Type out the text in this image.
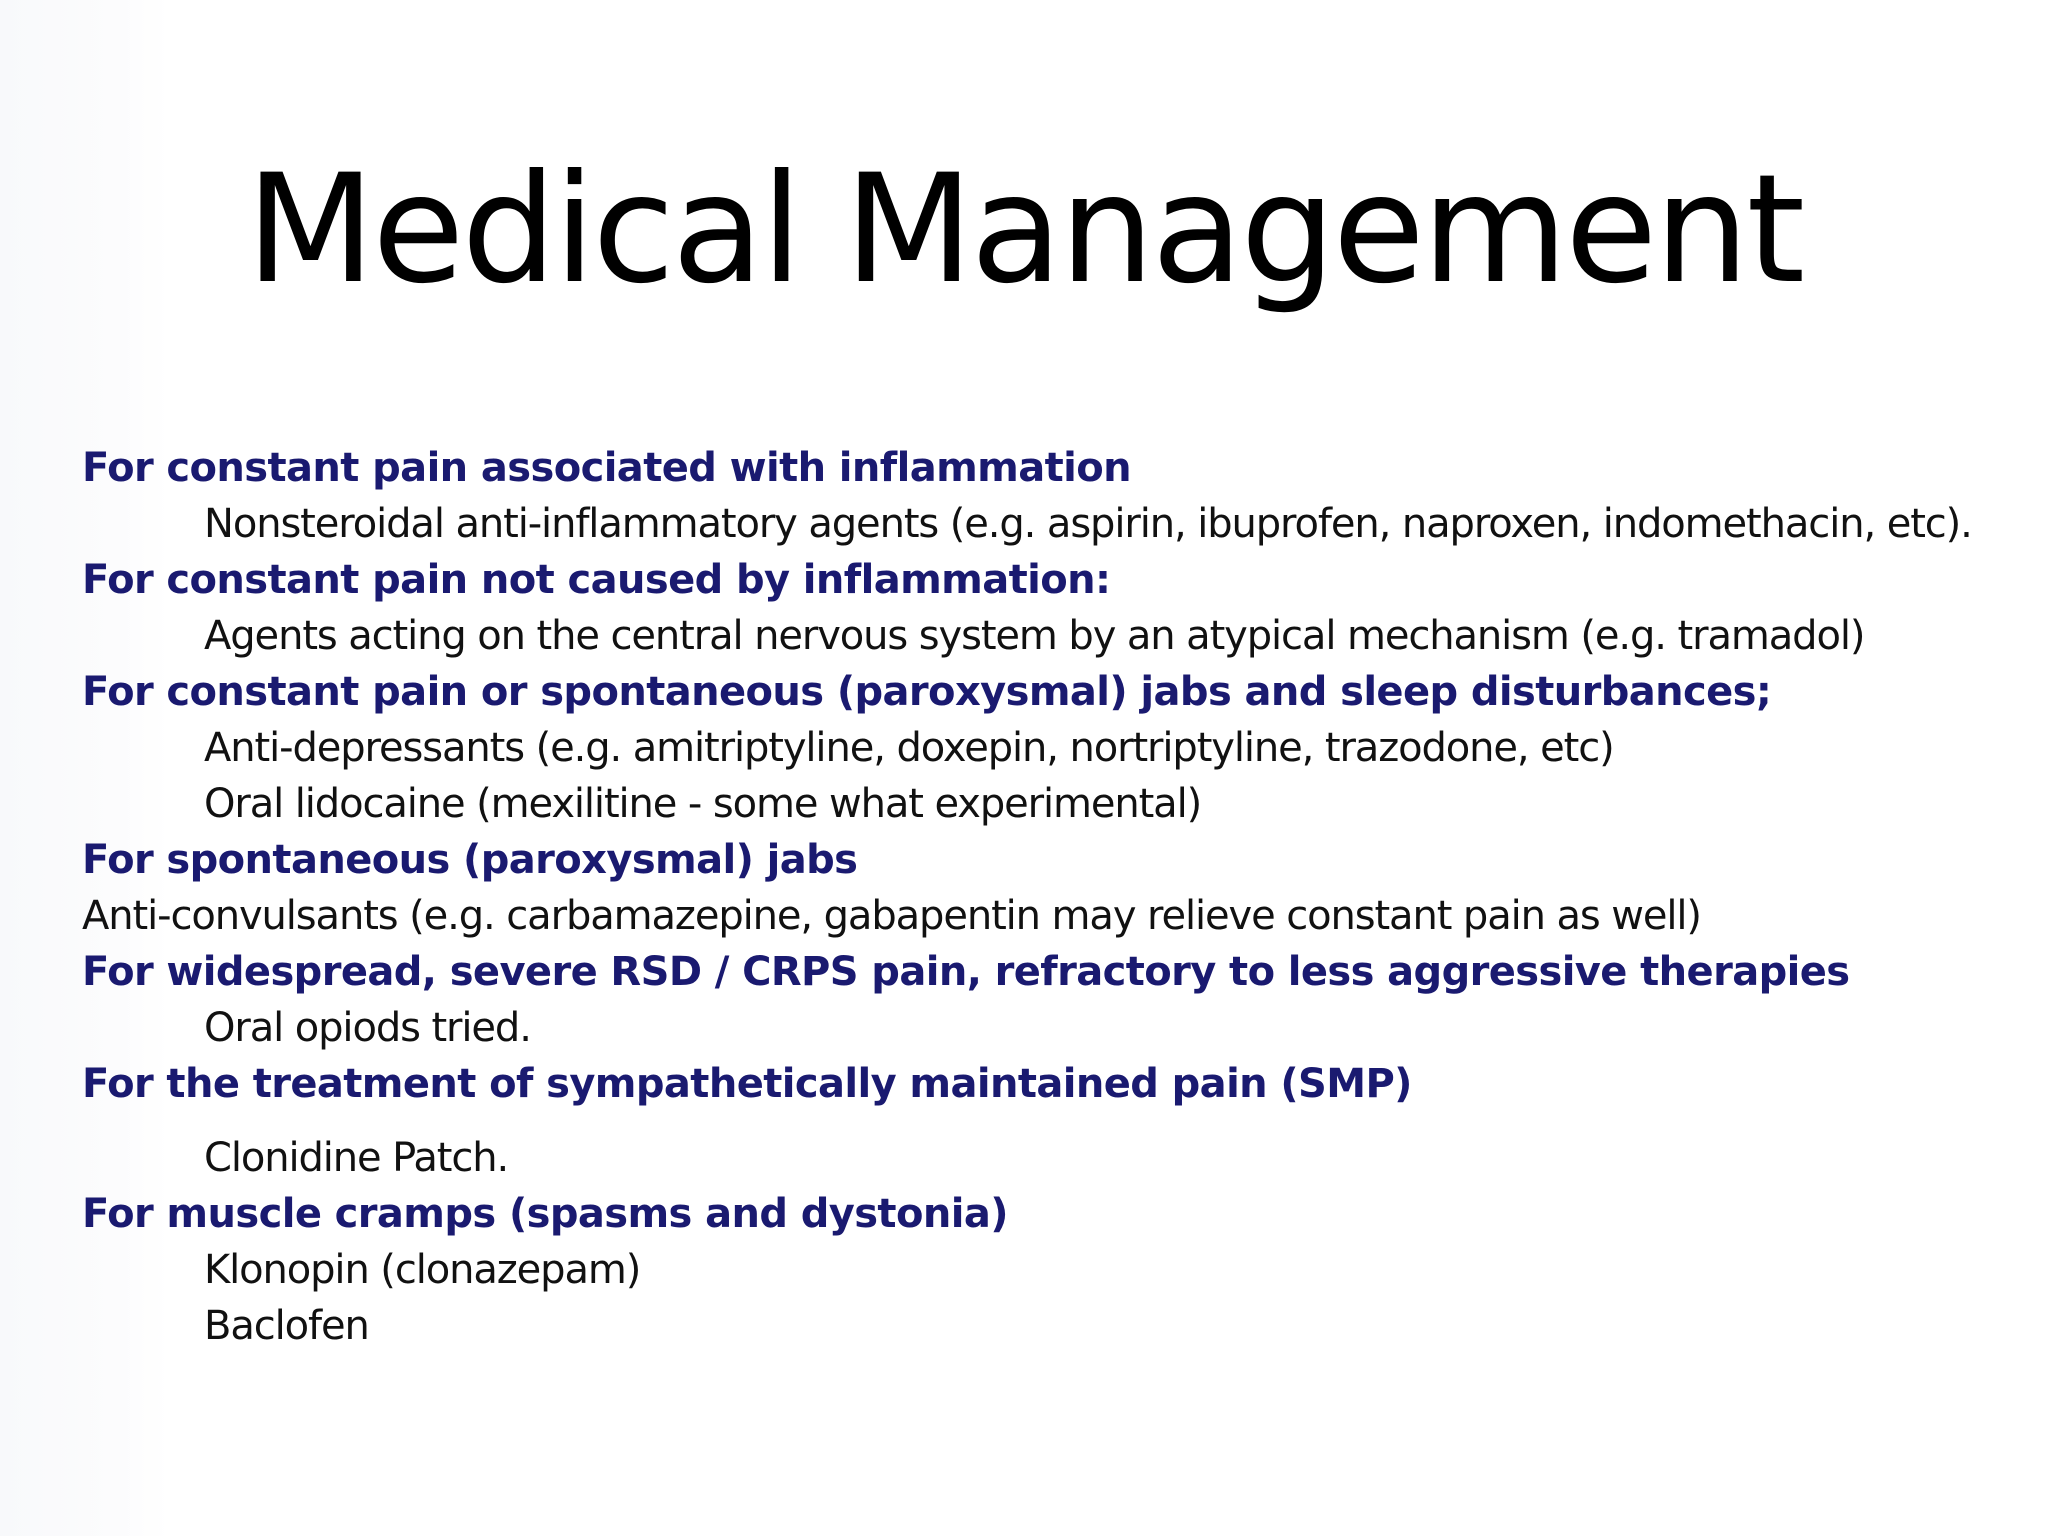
Medical Management
For constant pain associated with inflammation
Nonsteroidal anti-inflammatory agents (e.g. aspirin, ibuprofen, naproxen, indomethacin, etc).
For constant pain not caused by inflammation:
Agents acting on the central nervous system by an atypical mechanism (e.g. tramadol)
For constant pain or spontaneous (paroxysmal) jabs and sleep disturbances;
Anti-depressants (e.g. amitriptyline, doxepin, nortriptyline, trazodone, etc)
Oral lidocaine (mexilitine - some what experimental)
For spontaneous (paroxysmal) jabs
Anti-convulsants (e.g. carbamazepine, gabapentin may relieve constant pain as well)
For widespread, severe RSD / CRPS pain, refractory to less aggressive therapies
Oral opiods tried.
For the treatment of sympathetically maintained pain (SMP)
Clonidine Patch.
For muscle cramps (spasms and dystonia)
Klonopin (clonazepam)
Baclofen
